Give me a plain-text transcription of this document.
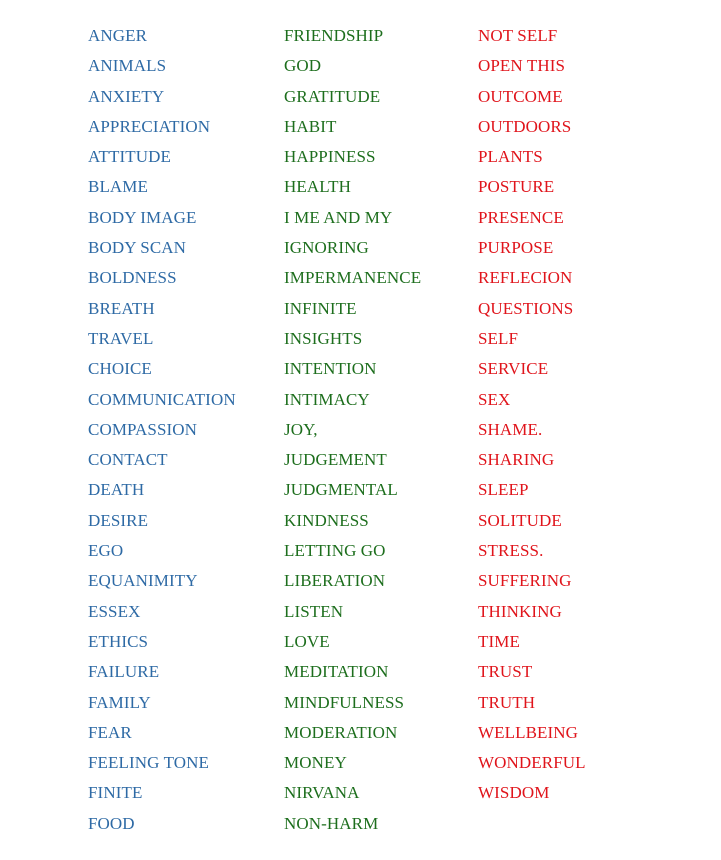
ANGER
ANIMALS
ANXIETY
APPRECIATION
ATTITUDE
BLAME
BODY IMAGE
BODY SCAN
BOLDNESS
BREATH
TRAVEL
CHOICE
COMMUNICATION
COMPASSION
CONTACT
DEATH
DESIRE
EGO
EQUANIMITY
ESSEX
ETHICS
FAILURE
FAMILY
FEAR
FEELING TONE
FINITE
FOOD
FRIENDSHIP
GOD
GRATITUDE
HABIT
HAPPINESS
HEALTH
I ME AND MY
IGNORING
IMPERMANENCE
INFINITE
INSIGHTS
INTENTION
INTIMACY
JOY,
JUDGEMENT
JUDGMENTAL
KINDNESS
LETTING GO
LIBERATION
LISTEN
LOVE
MEDITATION
MINDFULNESS
MODERATION
MONEY
NIRVANA
NON-HARM
NOT SELF
OPEN THIS
OUTCOME
OUTDOORS
PLANTS
POSTURE
PRESENCE
PURPOSE
REFLECION
QUESTIONS
SELF
SERVICE
SEX
SHAME.
SHARING
SLEEP
SOLITUDE
STRESS.
SUFFERING
THINKING
TIME
TRUST
TRUTH
WELLBEING
WONDERFUL
WISDOM
